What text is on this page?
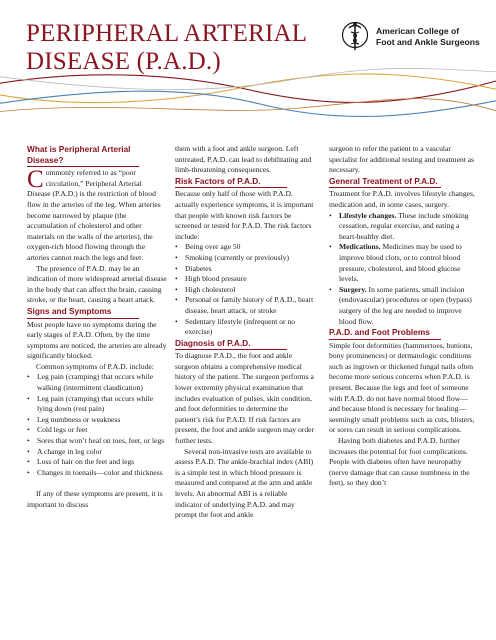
PERIPHERAL ARTERIAL
DISEASE (P.A.D.)
American College of
Foot and Ankle Surgeons
What is Peripheral Arterial Disease?

Commonly referred to as “poor circulation,” Peripheral Arterial Disease (P.A.D.) is the restriction of blood flow in the arteries of the leg. When arteries become narrowed by plaque (the accumulation of cholesterol and other materials on the walls of the arteries), the oxygen-rich blood flowing through the arteries cannot reach the legs and feet.

The presence of P.A.D. may be an indication of more widespread arterial disease in the body that can affect the brain, causing stroke, or the heart, causing a heart attack.

Signs and Symptoms

Most people have no symptoms during the early stages of P.A.D. Often, by the time symptoms are noticed, the arteries are already significantly blocked.

Common symptoms of P.A.D. include:

• Leg pain (cramping) that occurs while walking (intermittent claudication)
• Leg pain (cramping) that occurs while lying down (rest pain)
• Leg numbness or weakness
• Cold legs or feet
• Sores that won’t heal on toes, feet, or legs
• A change in leg color
• Loss of hair on the feet and legs
• Changes in toenails—color and thickness

If any of these symptoms are present, it is important to discuss

them with a foot and ankle surgeon. Left untreated, P.A.D. can lead to debilitating and limb-threatening consequences.

Risk Factors of P.A.D.

Because only half of those with P.A.D. actually experience symptoms, it is important that people with known risk factors be screened or tested for P.A.D. The risk factors include:

• Being over age 50
• Smoking (currently or previously)
• Diabetes
• High blood pressure
• High cholesterol
• Personal or family history of P.A.D., heart disease, heart attack, or stroke
• Sedentary lifestyle (infrequent or no exercise)
Diagnosis of P.A.D.

To diagnose P.A.D., the foot and ankle surgeon obtains a comprehensive medical history of the patient. The surgeon performs a lower extremity physical examination that includes evaluation of pulses, skin condition, and foot deformities to determine the patient’s risk for P.A.D. If risk factors are present, the foot and ankle surgeon may order further tests.

Several non-invasive tests are available to assess P.A.D. The ankle-brachial index (ABI) is a simple test in which blood pressure is measured and compared at the arm and ankle levels. An abnormal ABI is a reliable indicator of underlying P.A.D. and may prompt the foot and ankle

surgeon to refer the patient to a vascular specialist for additional testing and treatment as necessary.

General Treatment of P.A.D.

Treatment for P.A.D. involves lifestyle changes, medication and, in some cases, surgery.

• Lifestyle changes. These include smoking cessation, regular exercise, and eating a heart-healthy diet.
• Medications. Medicines may be used to improve blood clots, or to control blood pressure, cholesterol, and blood glucose levels.
• Surgery. In some patients, small incision (endovascular) procedures or open (bypass) surgery of the leg are needed to improve blood flow.
P.A.D. and Foot Problems

Simple foot deformities (hammertoes, bunions, bony prominences) or dermatologic conditions such as ingrown or thickened fungal nails often become more serious concerns when P.A.D. is present. Because the legs and feet of someone with P.A.D. do not have normal blood flow—and because blood is necessary for healing—seemingly small problems such as cuts, blisters, or sores can result in serious complications.

Having both diabetes and P.A.D. further increases the potential for foot complications. People with diabetes often have neuropathy (nerve damage that can cause numbness in the feet), so they don’t
